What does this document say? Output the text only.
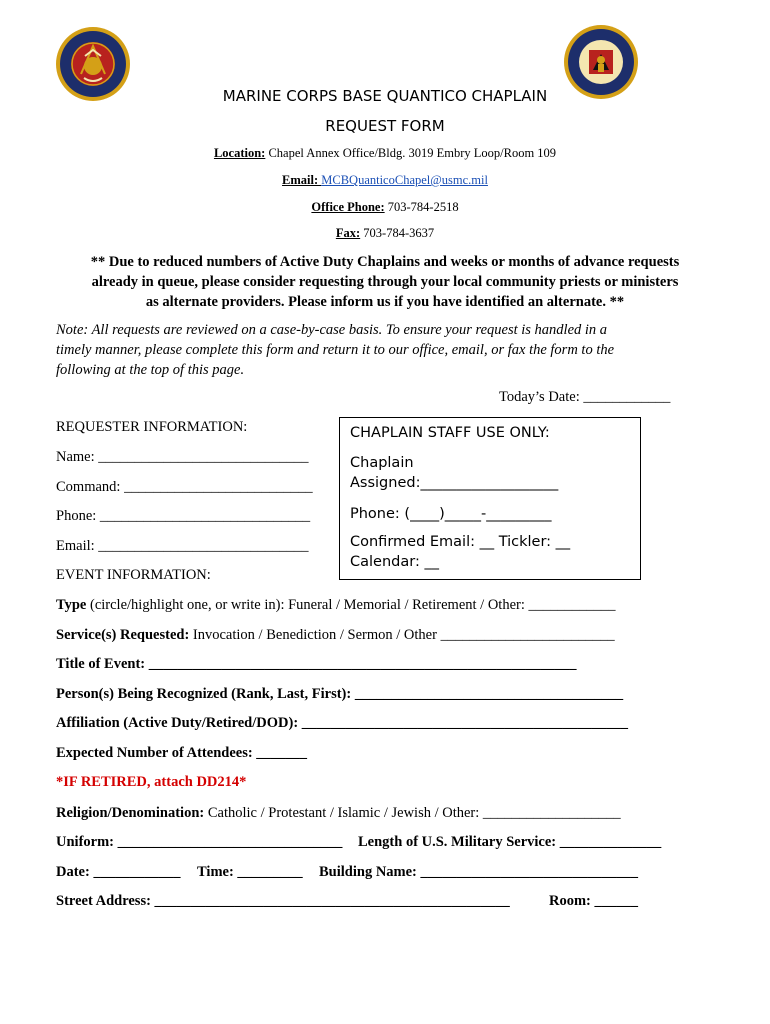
MARINE CORPS BASE QUANTICO CHAPLAIN
REQUEST FORM
Location: Chapel Annex Office/Bldg. 3019 Embry Loop/Room 109
Email: MCBQuanticoChapel@usmc.mil
Office Phone: 703-784-2518
Fax: 703-784-3637
** Due to reduced numbers of Active Duty Chaplains and weeks or months of advance requests
already in queue, please consider requesting through your local community priests or ministers
as alternate providers. Please inform us if you have identified an alternate. **
Note: All requests are reviewed on a case-by-case basis. To ensure your request is handled in a
timely manner, please complete this form and return it to our office, email, or fax the form to the
following at the top of this page.
Today’s Date: ____________
REQUESTER INFORMATION:
Name: _____________________________
Command: __________________________
Phone: _____________________________
Email: _____________________________
EVENT INFORMATION:
CHAPLAIN STAFF USE ONLY:
Chaplain
Assigned:___________________
Phone: (____)_____-_________
Confirmed Email: __ Tickler: __
Calendar: __
Type (circle/highlight one, or write in): Funeral / Memorial / Retirement / Other: ____________
Service(s) Requested: Invocation / Benediction / Sermon / Other ________________________
Title of Event: ___________________________________________________________
Person(s) Being Recognized (Rank, Last, First): _____________________________________
Affiliation (Active Duty/Retired/DOD): _____________________________________________
Expected Number of Attendees: _______
*IF RETIRED, attach DD214*
Religion/Denomination: Catholic / Protestant / Islamic / Jewish / Other: ___________________
Uniform: _______________________________ Length of U.S. Military Service: ______________
Date: ____________ Time: _________ Building Name: ______________________________
Street Address: _________________________________________________	Room: ______
